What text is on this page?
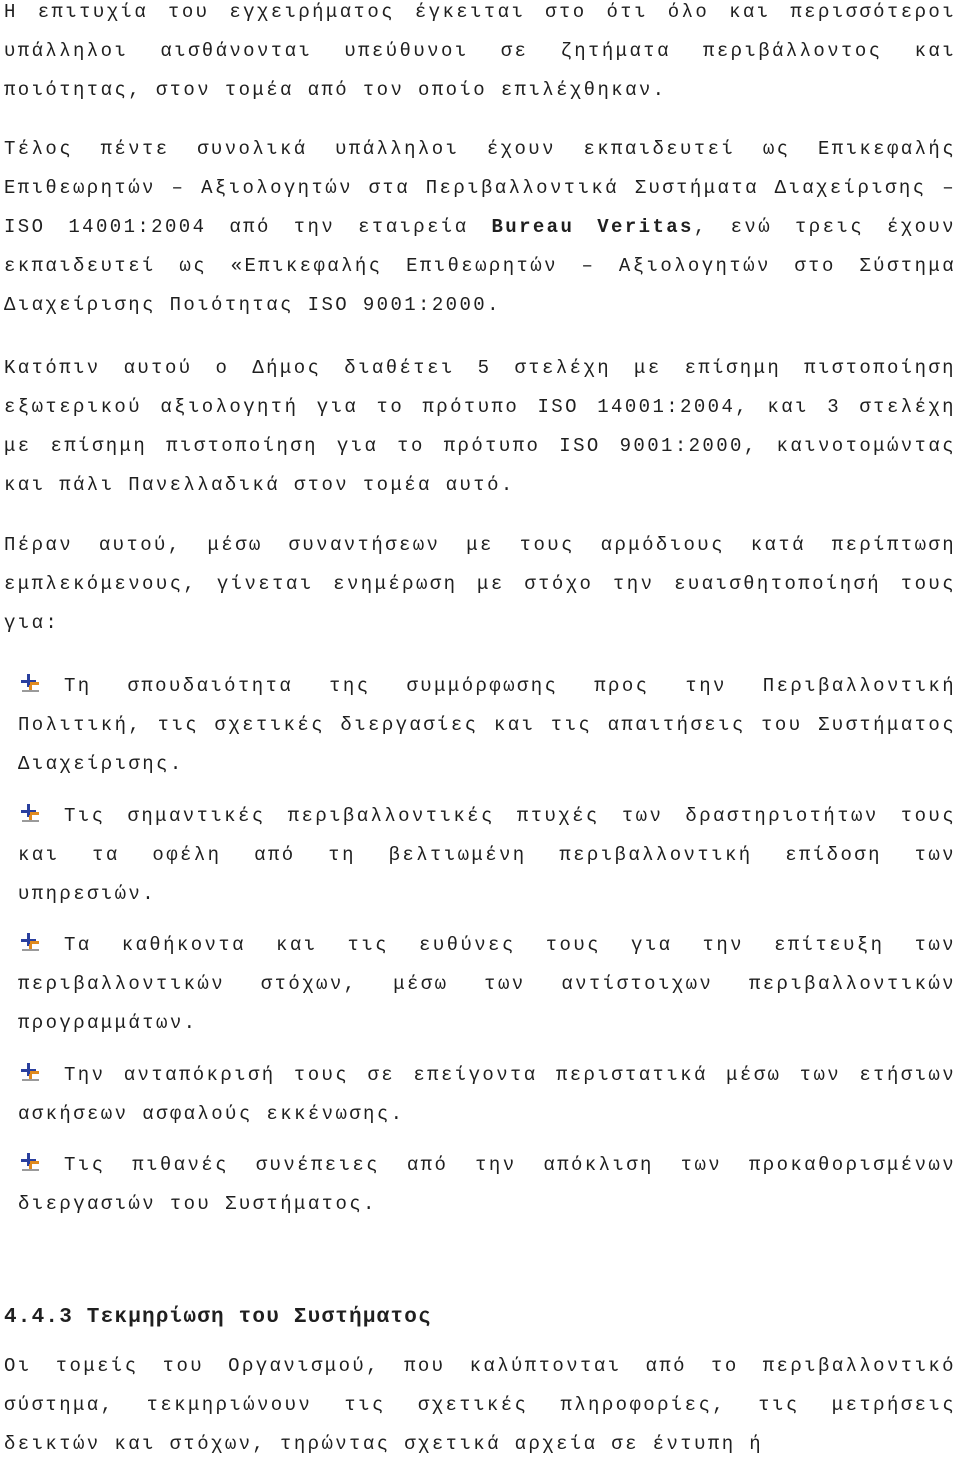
Η επιτυχία του εγχειρήματος έγκειται στο ότι όλο και περισσότεροι υπάλληλοι αισθάνονται υπεύθυνοι σε ζητήματα περιβάλλοντος και ποιότητας, στον τομέα από τον οποίο επιλέχθηκαν.

Τέλος πέντε συνολικά υπάλληλοι έχουν εκπαιδευτεί ως Επικεφαλής Επιθεωρητών – Αξιολογητών στα Περιβαλλοντικά Συστήματα Διαχείρισης – ISO 14001:2004 από την εταιρεία Bureau Veritas, ενώ τρεις έχουν εκπαιδευτεί ως «Επικεφαλής Επιθεωρητών – Αξιολογητών στο Σύστημα Διαχείρισης Ποιότητας ISO 9001:2000.

Κατόπιν αυτού ο Δήμος διαθέτει 5 στελέχη με επίσημη πιστοποίηση εξωτερικού αξιολογητή για το πρότυπο ISO 14001:2004, και 3 στελέχη με επίσημη πιστοποίηση για το πρότυπο ISO 9001:2000, καινοτομώντας και πάλι Πανελλαδικά στον τομέα αυτό.

Πέραν αυτού, μέσω συναντήσεων με τους αρμόδιους κατά περίπτωση εμπλεκόμενους, γίνεται ενημέρωση με στόχο την ευαισθητοποίησή τους για:

Τη σπουδαιότητα της συμμόρφωσης προς την Περιβαλλοντική Πολιτική, τις σχετικές διεργασίες και τις απαιτήσεις του Συστήματος Διαχείρισης.

Τις σημαντικές περιβαλλοντικές πτυχές των δραστηριοτήτων τους και τα οφέλη από τη βελτιωμένη περιβαλλοντική επίδοση των υπηρεσιών.

Τα καθήκοντα και τις ευθύνες τους για την επίτευξη των περιβαλλοντικών στόχων, μέσω των αντίστοιχων περιβαλλοντικών προγραμμάτων.

Την ανταπόκρισή τους σε επείγοντα περιστατικά μέσω των ετήσιων ασκήσεων ασφαλούς εκκένωσης.

Τις πιθανές συνέπειες από την απόκλιση των προκαθορισμένων διεργασιών του Συστήματος.

4.4.3 Τεκμηρίωση του Συστήματος

Οι τομείς του Οργανισμού, που καλύπτονται από το περιβαλλοντικό σύστημα, τεκμηριώνουν τις σχετικές πληροφορίες, τις μετρήσεις δεικτών και στόχων, τηρώντας σχετικά αρχεία σε έντυπη ή
